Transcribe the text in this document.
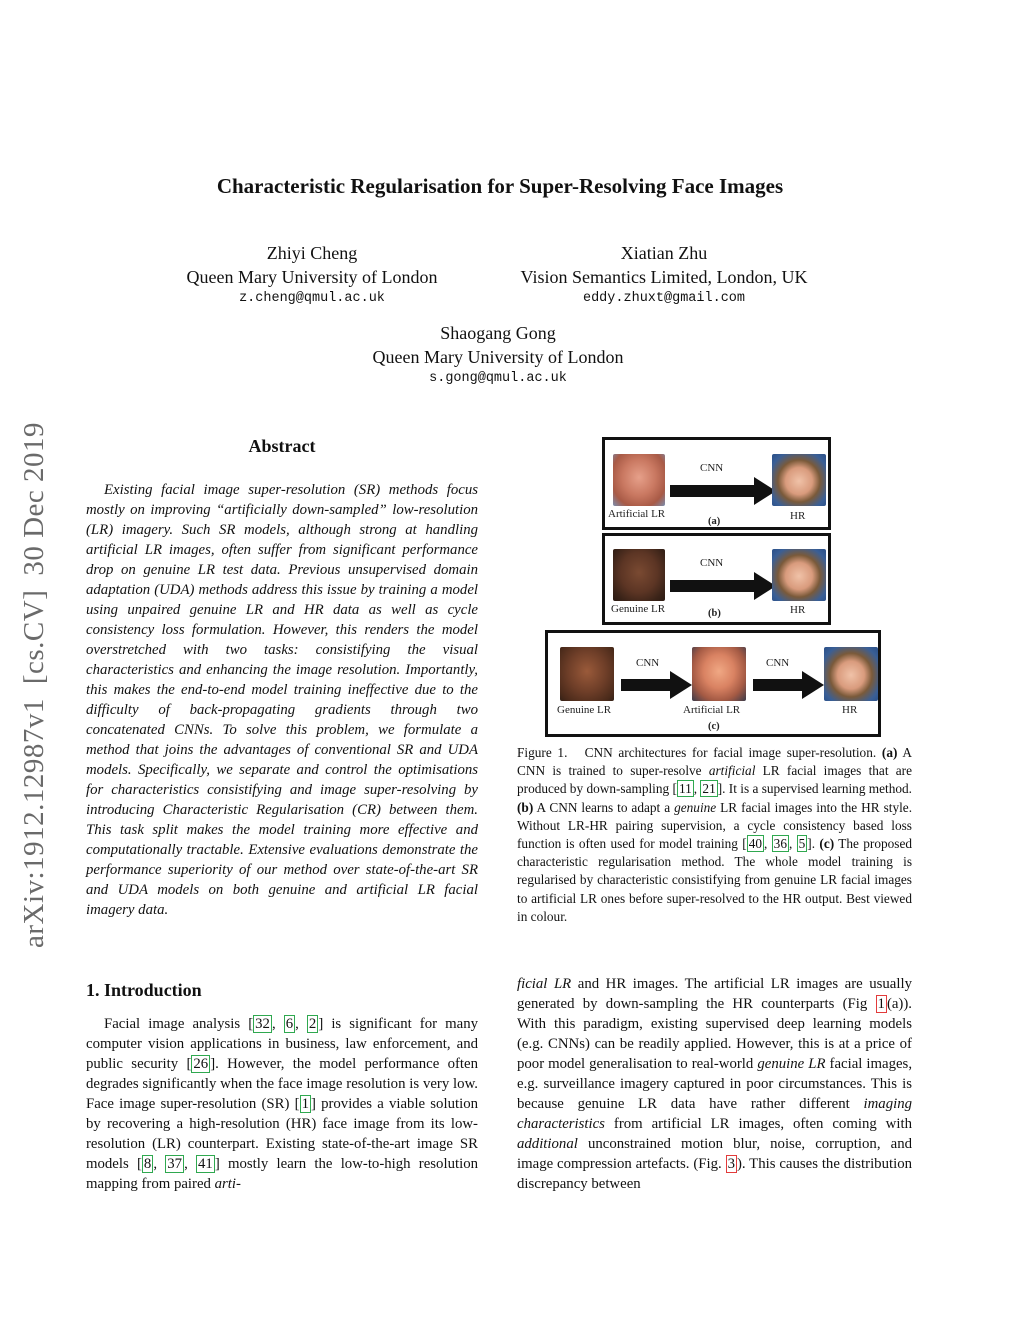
Characteristic Regularisation for Super-Resolving Face Images
Zhiyi Cheng
Queen Mary University of London
z.cheng@qmul.ac.uk
Xiatian Zhu
Vision Semantics Limited, London, UK
eddy.zhuxt@gmail.com
Shaogang Gong
Queen Mary University of London
s.gong@qmul.ac.uk
arXiv:1912.12987v1[cs.CV]30 Dec 2019	Abstract
Existing facial image super-resolution (SR) methods focus mostly on improving “artificially down-sampled” low-resolution (LR) imagery. Such SR models, although strong at handling artificial LR images, often suffer from significant performance drop on genuine LR test data. Previous unsupervised domain adaptation (UDA) methods address this issue by training a model using unpaired genuine LR and HR data as well as cycle consistency loss formulation. However, this renders the model overstretched with two tasks: consistifying the visual characteristics and enhancing the image resolution. Importantly, this makes the end-to-end model training ineffective due to the difficulty of back-propagating gradients through two concatenated CNNs. To solve this problem, we formulate a method that joins the advantages of conventional SR and UDA models. Specifically, we separate and control the optimisations for characteristics consistifying and image super-resolving by introducing Characteristic Regularisation (CR) between them. This task split makes the model training more effective and computationally tractable. Extensive evaluations demonstrate the performance superiority of our method over state-of-the-art SR and UDA models on both genuine and artificial LR facial imagery data.
Artificial LR
CNN
HR
(a)
Genuine LR
CNN
HR
(b)
Genuine LR
CNN
Artificial LR
CNN
HR
(c)
Figure 1. CNN architectures for facial image super-resolution. (a) A CNN is trained to super-resolve artificial LR facial images that are produced by down-sampling [ 11 , 21 ]. It is a supervised learning method. (b) A CNN learns to adapt a genuine LR facial images into the HR style. Without LR-HR pairing supervision, a cycle consistency based loss function is often used for model training [ 40 , 36 , 5 ]. (c) The proposed characteristic regularisation method. The whole model training is regularised by characteristic consistifying from genuine LR facial images to artificial LR ones before super-resolved to the HR output. Best viewed in colour.
1. Introduction
Facial image analysis [ 32 , 6 , 2 ] is significant for many computer vision applications in business, law enforcement, and public security [ 26 ]. However, the model performance often degrades significantly when the face image resolution is very low. Face image super-resolution (SR) [ 1 ] provides a viable solution by recovering a high-resolution (HR) face image from its low-resolution (LR) counterpart. Existing state-of-the-art image SR models [ 8 , 37 , 41 ] mostly learn the low-to-high resolution mapping from paired arti-
ficial LR and HR images. The artificial LR images are usually generated by down-sampling the HR counterparts (Fig 1 (a)). With this paradigm, existing supervised deep learning models (e.g. CNNs) can be readily applied. However, this is at a price of poor model generalisation to real-world genuine LR facial images, e.g. surveillance imagery captured in poor circumstances. This is because genuine LR data have rather different imaging characteristics from artificial LR images, often coming with additional unconstrained motion blur, noise, corruption, and image compression artefacts. (Fig. 3 ). This causes the distribution discrepancy between
